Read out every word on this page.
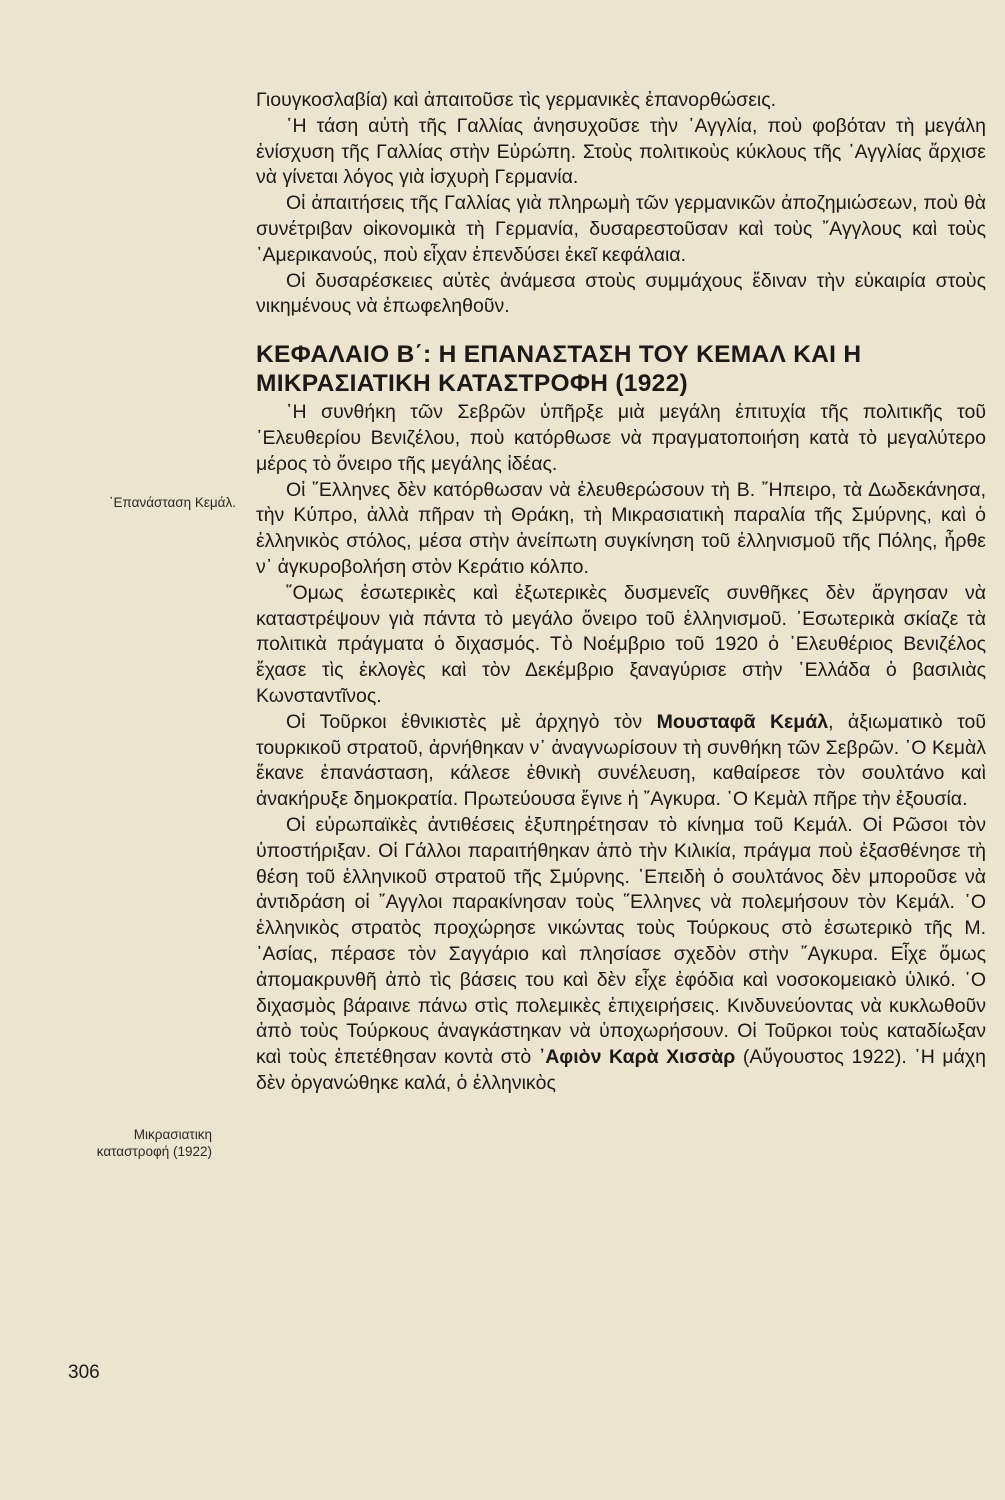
᾿Επανάσταση Κεμάλ.
Μικρασιατικη
καταστροφή (1922)
306

Γιουγκοσλαβία) καὶ ἀπαιτοῦσε τὶς γερμανικὲς ἐπανορθώσεις.

῾Η τάση αὐτὴ τῆς Γαλλίας ἀνησυχοῦσε τὴν ᾿Αγγλία, ποὺ φοβόταν τὴ μεγάλη ἐνίσχυση τῆς Γαλλίας στὴν Εὐρώπη. Στοὺς πολιτικοὺς κύκλους τῆς ᾿Αγγλίας ἄρχισε νὰ γίνεται λόγος γιὰ ἰσχυρὴ Γερμανία.

Οἱ ἀπαιτήσεις τῆς Γαλλίας γιὰ πληρωμὴ τῶν γερμανικῶν ἀποζημιώσεων, ποὺ θὰ συνέτριβαν οἰκονομικὰ τὴ Γερμανία, δυσαρεστοῦσαν καὶ τοὺς ῎Αγγλους καὶ τοὺς ᾿Αμερικανούς, ποὺ εἶχαν ἐπενδύσει ἐκεῖ κεφάλαια.

Οἱ δυσαρέσκειες αὐτὲς ἀνάμεσα στοὺς συμμάχους ἔδιναν τὴν εὐκαιρία στοὺς νικημένους νὰ ἐπωφεληθοῦν.

ΚΕΦΑΛΑΙΟ Β΄: Η ΕΠΑΝΑΣΤΑΣΗ ΤΟΥ ΚΕΜΑΛ ΚΑΙ Η
ΜΙΚΡΑΣΙΑΤΙΚΗ ΚΑΤΑΣΤΡΟΦΗ (1922)

῾Η συνθήκη τῶν Σεβρῶν ὑπῆρξε μιὰ μεγάλη ἐπιτυχία τῆς πολιτικῆς τοῦ ᾿Ελευθερίου Βενιζέλου, ποὺ κατόρθωσε νὰ πραγματοποιήση κατὰ τὸ μεγαλύτερο μέρος τὸ ὄνειρο τῆς μεγάλης ἰδέας.

Οἱ ῞Ελληνες δὲν κατόρθωσαν νὰ ἐλευθερώσουν τὴ Β. ῎Ηπειρο, τὰ Δωδεκάνησα, τὴν Κύπρο, ἀλλὰ πῆραν τὴ Θράκη, τὴ Μικρασιατικὴ παραλία τῆς Σμύρνης, καὶ ὁ ἑλληνικὸς στόλος, μέσα στὴν ἀνείπωτη συγκίνηση τοῦ ἑλληνισμοῦ τῆς Πόλης, ἦρθε ν᾿ ἀγκυροβολήση στὸν Κεράτιο κόλπο.

῞Ομως ἐσωτερικὲς καὶ ἐξωτερικὲς δυσμενεῖς συνθῆκες δὲν ἄργησαν νὰ καταστρέψουν γιὰ πάντα τὸ μεγάλο ὄνειρο τοῦ ἑλληνισμοῦ. ᾿Εσωτερικὰ σκίαζε τὰ πολιτικὰ πράγματα ὁ διχασμός. Τὸ Νοέμβριο τοῦ 1920 ὁ ᾿Ελευθέριος Βενιζέλος ἔχασε τὶς ἐκλογὲς καὶ τὸν Δεκέμβριο ξαναγύρισε στὴν ῾Ελλάδα ὁ βασιλιὰς Κωνσταντῖνος.

Οἱ Τοῦρκοι ἐθνικιστὲς μὲ ἀρχηγὸ τὸν Μουσταφᾶ Κεμάλ, ἀξιωματικὸ τοῦ τουρκικοῦ στρατοῦ, ἀρνήθηκαν ν᾿ ἀναγνωρίσουν τὴ συνθήκη τῶν Σεβρῶν. ῾Ο Κεμὰλ ἔκανε ἐπανάσταση, κάλεσε ἐθνικὴ συνέλευση, καθαίρεσε τὸν σουλτάνο καὶ ἀνακήρυξε δημοκρατία. Πρωτεύουσα ἔγινε ἡ ῎Αγκυρα. ῾Ο Κεμὰλ πῆρε τὴν ἐξουσία.

Οἱ εὐρωπαϊκὲς ἀντιθέσεις ἐξυπηρέτησαν τὸ κίνημα τοῦ Κεμάλ. Οἱ Ρῶσοι τὸν ὑποστήριξαν. Οἱ Γάλλοι παραιτήθηκαν ἀπὸ τὴν Κιλικία, πράγμα ποὺ ἐξασθένησε τὴ θέση τοῦ ἑλληνικοῦ στρατοῦ τῆς Σμύρνης. ᾿Επειδὴ ὁ σουλτάνος δὲν μποροῦσε νὰ ἀντιδράση οἱ ῎Αγγλοι παρακίνησαν τοὺς ῞Ελληνες νὰ πολεμήσουν τὸν Κεμάλ. ῾Ο ἑλληνικὸς στρατὸς προχώρησε νικώντας τοὺς Τούρκους στὸ ἐσωτερικὸ τῆς Μ. ᾿Ασίας, πέρασε τὸν Σαγγάριο καὶ πλησίασε σχεδὸν στὴν ῎Αγκυρα. Εἶχε ὅμως ἀπομακρυνθῆ ἀπὸ τὶς βάσεις του καὶ δὲν εἶχε ἐφόδια καὶ νοσοκομειακὸ ὑλικό. ῾Ο διχασμὸς βάραινε πάνω στὶς πολεμικὲς ἐπιχειρήσεις. Κινδυνεύοντας νὰ κυκλωθοῦν ἀπὸ τοὺς Τούρκους ἀναγκάστηκαν νὰ ὑποχωρήσουν. Οἱ Τοῦρκοι τοὺς καταδίωξαν καὶ τοὺς ἐπετέθησαν κοντὰ στὸ ᾿Αφιὸν Καρὰ Χισσὰρ (Αὔγουστος 1922). ῾Η μάχη δὲν ὀργανώθηκε καλά, ὁ ἑλληνικὸς
